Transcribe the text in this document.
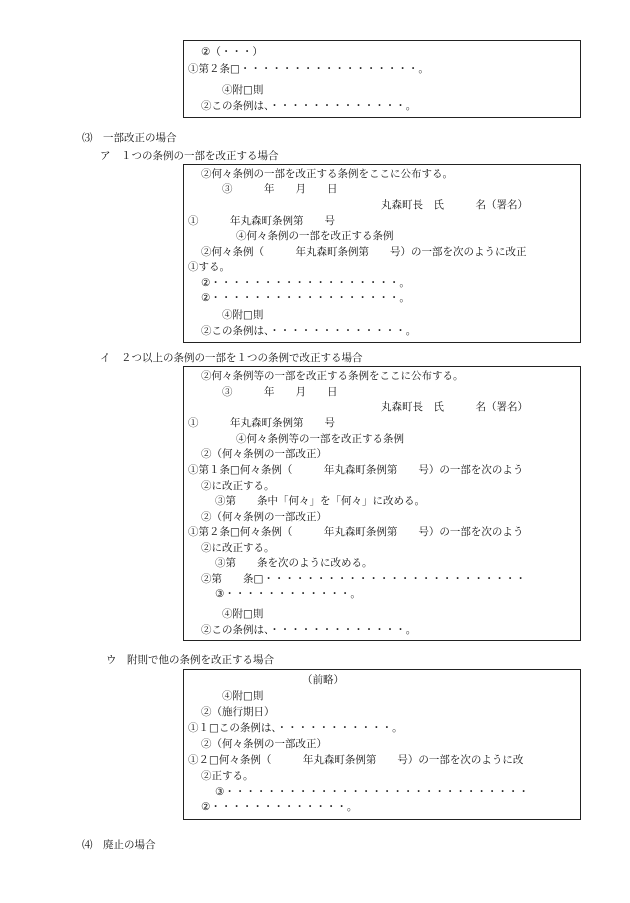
②（・・・）
①第２条□・・・・・・・・・・・・・・・・・。
④附□則
②この条例は、・・・・・・・・・・・・・。
⑶　一部改正の場合
ア　１つの条例の一部を改正する場合
②何々条例の一部を改正する条例をここに公布する。
③　　　年　　月　　日
丸森町長　氏　　　名（署名）
①　　　年丸森町条例第　　号
④何々条例の一部を改正する条例
②何々条例（　　　年丸森町条例第　　号）の一部を次のように改正
①する。
②・・・・・・・・・・・・・・・・・・。
②・・・・・・・・・・・・・・・・・・。
④附□則
②この条例は、・・・・・・・・・・・・・。
イ　２つ以上の条例の一部を１つの条例で改正する場合
②何々条例等の一部を改正する条例をここに公布する。
③　　　年　　月　　日
丸森町長　氏　　　名（署名）
①　　　年丸森町条例第　　号
④何々条例等の一部を改正する条例
②（何々条例の一部改正）
①第１条□何々条例（　　　年丸森町条例第　　号）の一部を次のよう
②に改正する。
③第　　条中「何々」を「何々」に改める。
②（何々条例の一部改正）
①第２条□何々条例（　　　年丸森町条例第　　号）の一部を次のよう
②に改正する。
③第　　条を次のように改める。
②第　　条□・・・・・・・・・・・・・・・・・・・・・・・・・
③・・・・・・・・・・・・。
④附□則
②この条例は、・・・・・・・・・・・・・。
ウ　附則で他の条例を改正する場合
（前略）
④附□則
②（施行期日）
①１□この条例は、・・・・・・・・・・・。
②（何々条例の一部改正）
①２□何々条例（　　　年丸森町条例第　　号）の一部を次のように改
②正する。
③・・・・・・・・・・・・・・・・・・・・・・・・・・・・・
②・・・・・・・・・・・・・。
⑷　廃止の場合
